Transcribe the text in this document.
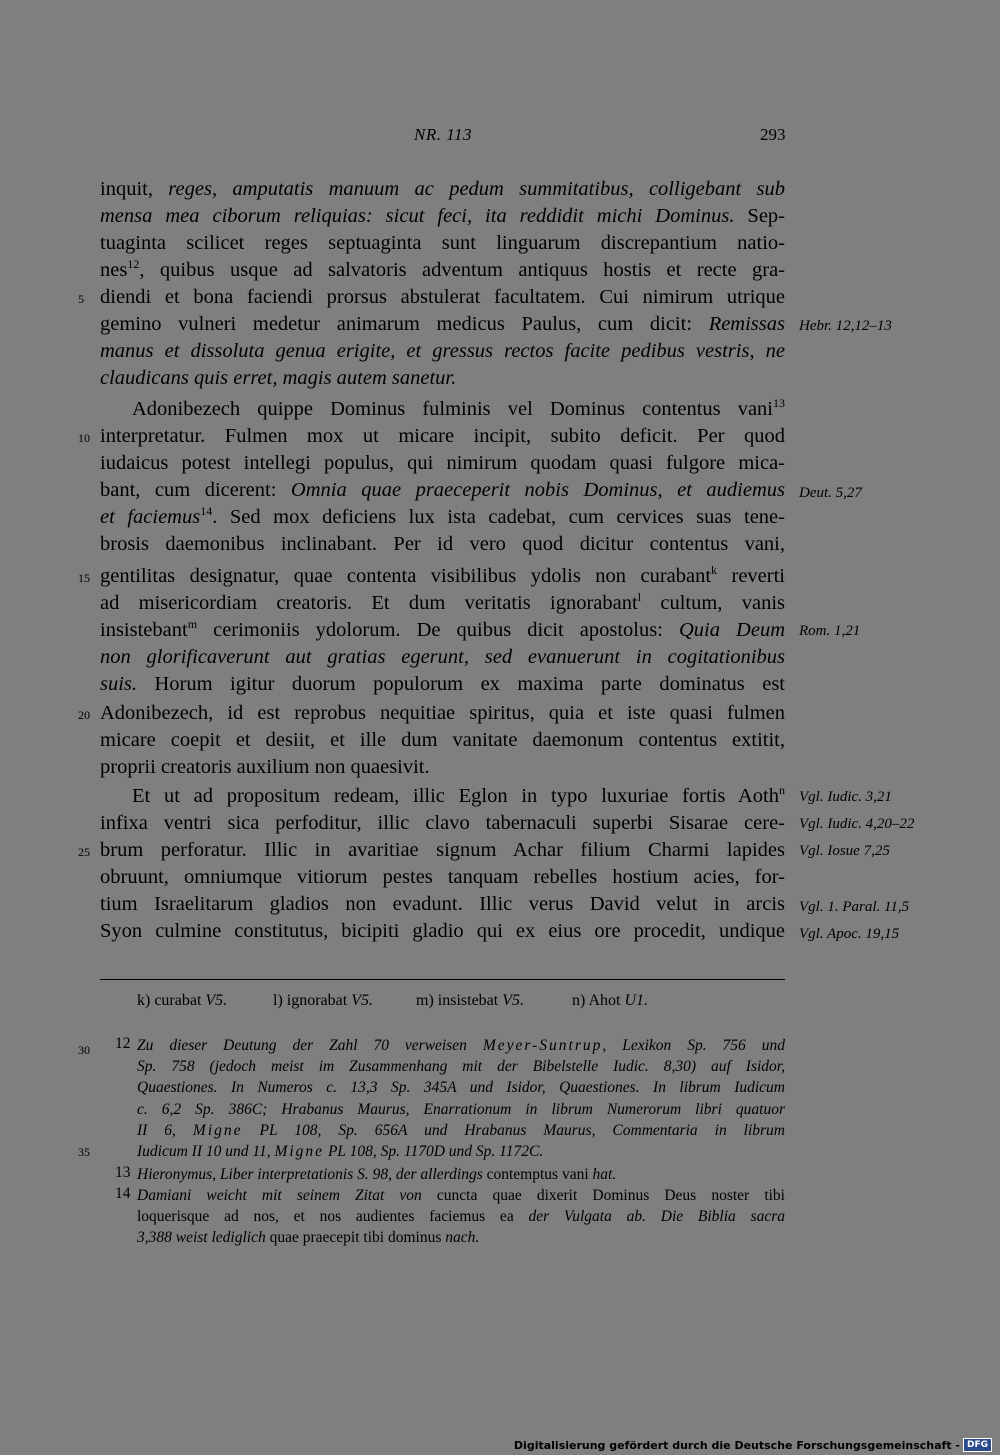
NR. 113	293
inquit, reges, amputatis manuum ac pedum summitatibus, colligebant sub
mensa mea ciborum reliquias: sicut feci, ita reddidit michi Dominus. Sep-
tuaginta scilicet reges septuaginta sunt linguarum discrepantium natio-
nes$^{12}$, quibus usque ad salvatoris adventum antiquus hostis et recte gra-
diendi et bona faciendi prorsus abstulerat facultatem. Cui nimirum utrique
gemino vulneri medetur animarum medicus Paulus, cum dicit: Remissas
manus et dissoluta genua erigite, et gressus rectos facite pedibus vestris, ne
claudicans quis erret, magis autem sanetur.
Adonibezech quippe Dominus fulminis vel Dominus contentus vani$^{13}$
interpretatur. Fulmen mox ut micare incipit, subito deficit. Per quod
iudaicus potest intellegi populus, qui nimirum quodam quasi fulgore mica-
bant, cum dicerent: Omnia quae praeceperit nobis Dominus, et audiemus
et faciemus$^{14}$. Sed mox deficiens lux ista cadebat, cum cervices suas tene-
brosis daemonibus inclinabant. Per id vero quod dicitur contentus vani,
gentilitas designatur, quae contenta visibilibus ydolis non curabant$^k$ reverti
ad misericordiam creatoris. Et dum veritatis ignorabant$^l$ cultum, vanis
insistebant$^m$ cerimoniis ydolorum. De quibus dicit apostolus: Quia Deum
non glorificaverunt aut gratias egerunt, sed evanuerunt in cogitationibus
suis. Horum igitur duorum populorum ex maxima parte dominatus est
Adonibezech, id est reprobus nequitiae spiritus, quia et iste quasi fulmen
micare coepit et desiit, et ille dum vanitate daemonum contentus extitit,
proprii creatoris auxilium non quaesivit.
Et ut ad propositum redeam, illic Eglon in typo luxuriae fortis Aoth$^n$
infixa ventri sica perfoditur, illic clavo tabernaculi superbi Sisarae cere-
brum perforatur. Illic in avaritiae signum Achar filium Charmi lapides
obruunt, omniumque vitiorum pestes tanquam rebelles hostium acies, for-
tium Israelitarum gladios non evadunt. Illic verus David velut in arcis
Syon culmine constitutus, bicipiti gladio qui ex eius ore procedit, undique
5
10
15
20
25
30
35
Hebr. 12,12–13
Deut. 5,27
Rom. 1,21
Vgl. Iudic. 3,21
Vgl. Iudic. 4,20–22
Vgl. Iosue 7,25
Vgl. 1. Paral. 11,5
Vgl. Apoc. 19,15
k) curabat V5.	l) ignorabat V5.	m) insistebat V5.	n) Ahot U1.
12
13
14
Zu dieser Deutung der Zahl 70 verweisen Meyer-Suntrup, Lexikon Sp. 756 und
Sp. 758 (jedoch meist im Zusammenhang mit der Bibelstelle Iudic. 8,30) auf Isidor,
Quaestiones. In Numeros c. 13,3 Sp. 345A und Isidor, Quaestiones. In librum Iudicum
c. 6,2 Sp. 386C; Hrabanus Maurus, Enarrationum in librum Numerorum libri quatuor
II 6, Migne PL 108, Sp. 656A und Hrabanus Maurus, Commentaria in librum
Iudicum II 10 und 11, Migne PL 108, Sp. 1170D und Sp. 1172C.
Hieronymus, Liber interpretationis S. 98, der allerdings contemptus vani hat.
Damiani weicht mit seinem Zitat von cuncta quae dixerit Dominus Deus noster tibi
loquerisque ad nos, et nos audientes faciemus ea der Vulgata ab. Die Biblia sacra
3,388 weist lediglich quae praecepit tibi dominus nach.
Digitalisierung gefördert durch die Deutsche Forschungsgemeinschaft - DFG
